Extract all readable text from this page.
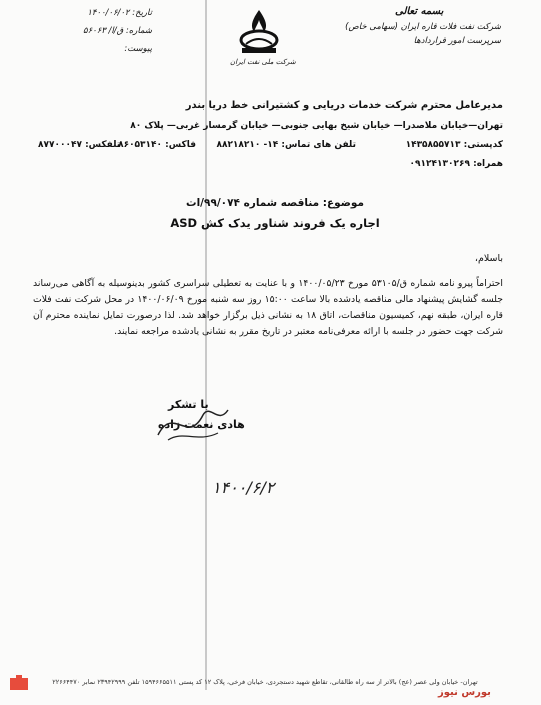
بسمه تعالی
شرکت نفت فلات قاره ایران (سهامی خاص)
سرپرست امور قراردادها
شرکت ملی نفت ایران
تاریخ: ۱۴۰۰/۰۶/۰۲
شماره: ق/ا/ ۵۶۰۶۳
پیوست:
مدیرعامل محترم شرکت خدمات دریایی و کشتیرانی خط دریا بندر
تهران—خیابان ملاصدرا— خیابان شیخ بهایی جنوبی— خیابان گرمسار غربی— پلاک ۸۰
کدپستی: ۱۴۳۵۸۵۵۷۱۳
تلفن های تماس: ۱۴- ۸۸۲۱۸۲۱۰
فاکس: ۸۶۰۵۳۱۴۰
تلفکس: ۸۷۷۰۰۰۴۷
همراه: ۰۹۱۲۴۱۳۰۲۶۹
موضوع: مناقصه شماره ۹۹/۰۷۴/ات
اجاره یک فروند شناور یدک کش ASD
باسلام،
احتراماً پیرو نامه شماره ق/۵۳۱۰۵ مورخ ۱۴۰۰/۰۵/۲۳ و با عنایت به تعطیلی سراسری کشور بدینوسیله به آگاهی می‌رساند جلسه گشایش پیشنهاد مالی مناقصه یادشده بالا ساعت ۱۵:۰۰ روز سه شنبه مورخ ۱۴۰۰/۰۶/۰۹ در محل شرکت نفت فلات قاره ایران، طبقه نهم، کمیسیون مناقصات، اتاق ۱۸ به نشانی ذیل برگزار خواهد شد. لذا درصورت تمایل نماینده محترم آن شرکت جهت حضور در جلسه با ارائه معرفی‌نامه معتبر در تاریخ مقرر به نشانی یادشده مراجعه نمایند.
با تشکر
هادی نعمت زاده
۱۴۰۰/۶/۲
تهران- خیابان ولی عصر (عج) بالاتر از سه راه طالقانی، تقاطع شهید دستجردی، خیابان فرخی، پلاک ۱۲ کد پستی ۱۵۹۴۶۶۵۵۱۱ تلفن ۲۳۹۴۲۹۹۹ نمابر ۲۲۶۶۴۴۷۰
بورس نیوز
